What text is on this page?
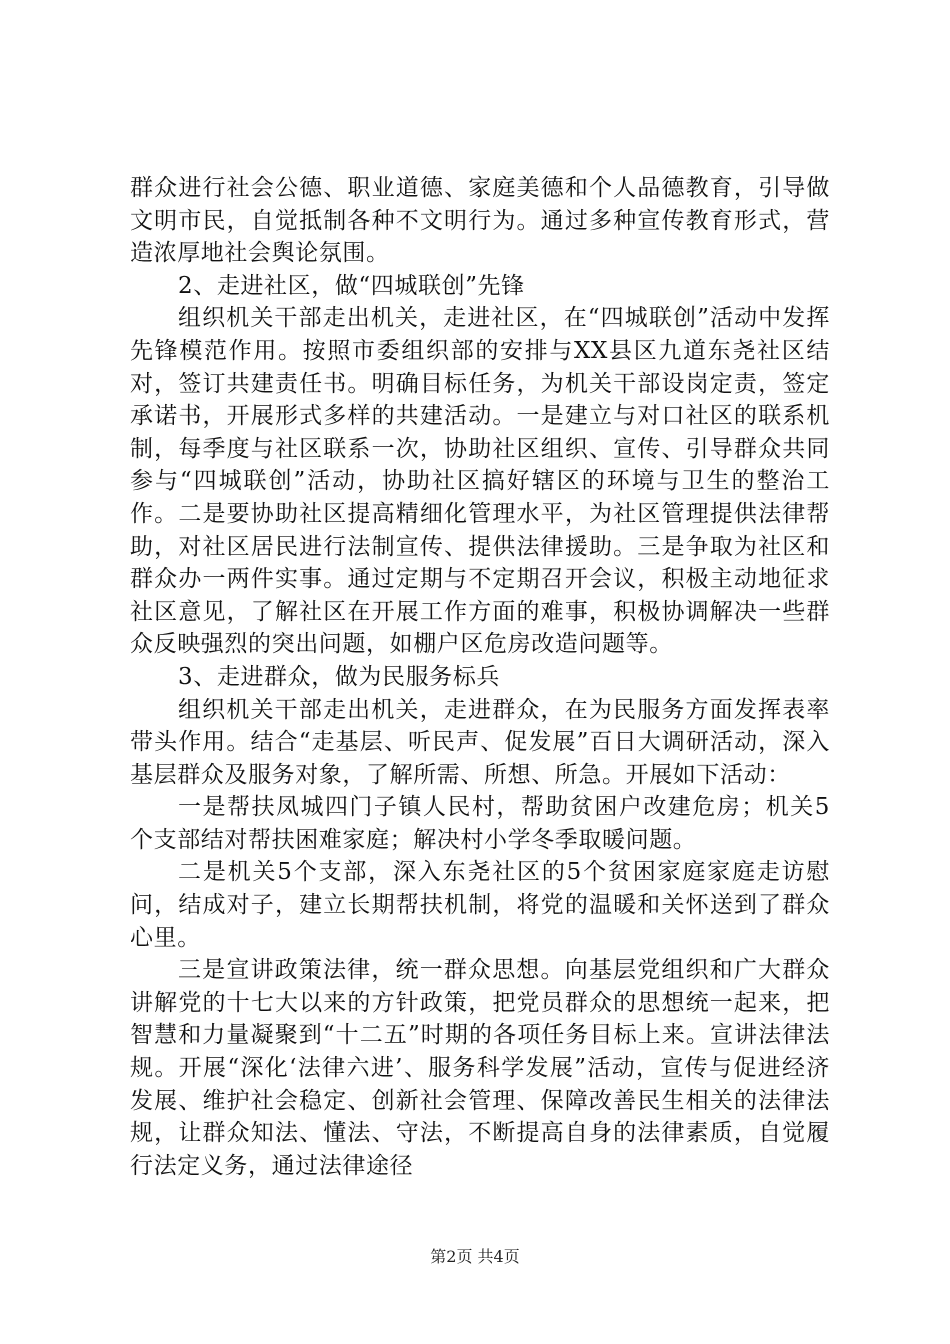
群众进行社会公德、职业道德、家庭美德和个人品德教育，引导做文明市民，自觉抵制各种不文明行为。通过多种宣传教育形式，营造浓厚地社会舆论氛围。

2、走进社区，做“四城联创”先锋

组织机关干部走出机关，走进社区，在“四城联创”活动中发挥先锋模范作用。按照市委组织部的安排与XX县区九道东尧社区结对，签订共建责任书。明确目标任务，为机关干部设岗定责，签定承诺书，开展形式多样的共建活动。一是建立与对口社区的联系机制，每季度与社区联系一次，协助社区组织、宣传、引导群众共同参与“四城联创”活动，协助社区搞好辖区的环境与卫生的整治工作。二是要协助社区提高精细化管理水平，为社区管理提供法律帮助，对社区居民进行法制宣传、提供法律援助。三是争取为社区和群众办一两件实事。通过定期与不定期召开会议，积极主动地征求社区意见，了解社区在开展工作方面的难事，积极协调解决一些群众反映强烈的突出问题，如棚户区危房改造问题等。

3、走进群众，做为民服务标兵

组织机关干部走出机关，走进群众，在为民服务方面发挥表率带头作用。结合“走基层、听民声、促发展”百日大调研活动，深入基层群众及服务对象，了解所需、所想、所急。开展如下活动：

一是帮扶凤城四门子镇人民村，帮助贫困户改建危房；机关5个支部结对帮扶困难家庭；解决村小学冬季取暖问题。

二是机关5个支部，深入东尧社区的5个贫困家庭家庭走访慰问，结成对子，建立长期帮扶机制，将党的温暖和关怀送到了群众心里。

三是宣讲政策法律，统一群众思想。向基层党组织和广大群众讲解党的十七大以来的方针政策，把党员群众的思想统一起来，把智慧和力量凝聚到“十二五”时期的各项任务目标上来。宣讲法律法规。开展“深化‘法律六进’、服务科学发展”活动，宣传与促进经济发展、维护社会稳定、创新社会管理、保障改善民生相关的法律法规，让群众知法、懂法、守法，不断提高自身的法律素质，自觉履行法定义务，通过法律途径

第2页 共4页
